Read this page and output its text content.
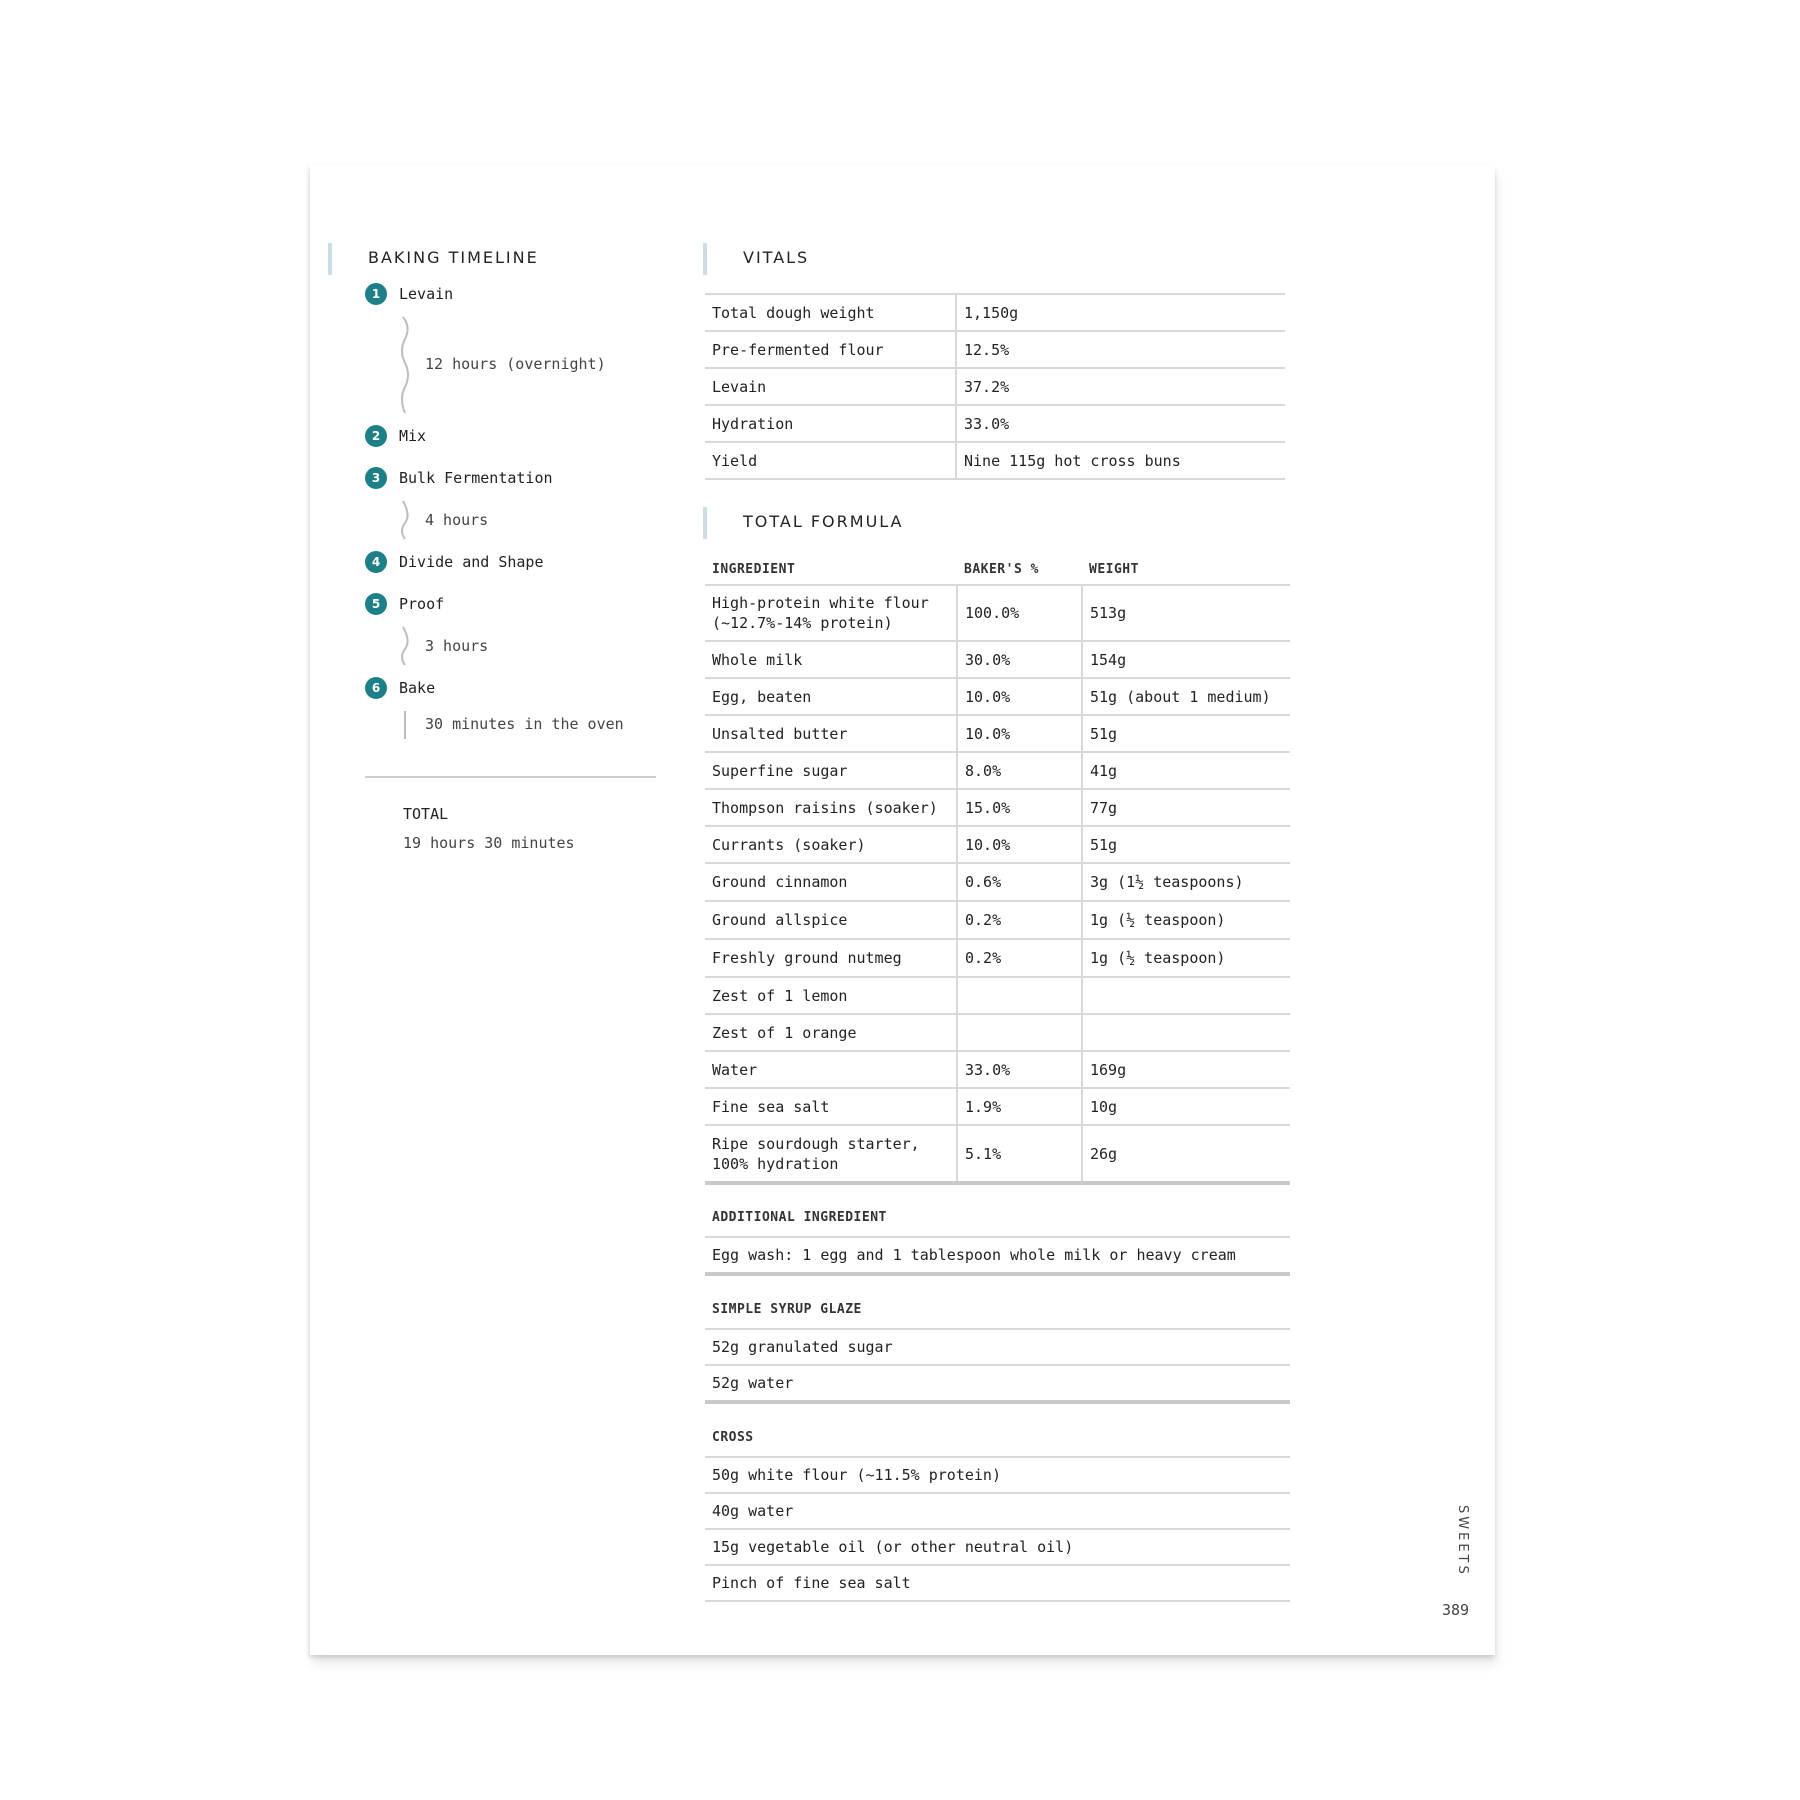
BAKING TIMELINE
1	Levain
12 hours (overnight)
2	Mix
3	Bulk Fermentation
4 hours
4	Divide and Shape
5	Proof
3 hours
6	Bake
30 minutes in the oven
TOTAL
19 hours 30 minutes
VITALS
Total dough weight	1,150g
Pre-fermented flour	12.5%
Levain	37.2%
Hydration	33.0%
Yield	Nine 115g hot cross buns
TOTAL FORMULA
INGREDIENT	BAKER'S %	WEIGHT
High-protein white flour (~12.7%-14% protein)	100.0%	513g
Whole milk	30.0%	154g
Egg, beaten	10.0%	51g (about 1 medium)
Unsalted butter	10.0%	51g
Superfine sugar	8.0%	41g
Thompson raisins (soaker)	15.0%	77g
Currants (soaker)	10.0%	51g
Ground cinnamon	0.6%	3g (1½ teaspoons)
Ground allspice	0.2%	1g (½ teaspoon)
Freshly ground nutmeg	0.2%	1g (½ teaspoon)
Zest of 1 lemon		
Zest of 1 orange		
Water	33.0%	169g
Fine sea salt	1.9%	10g
Ripe sourdough starter, 100% hydration	5.1%	26g
ADDITIONAL INGREDIENT
Egg wash: 1 egg and 1 tablespoon whole milk or heavy cream
SIMPLE SYRUP GLAZE
52g granulated sugar
52g water
CROSS
50g white flour (~11.5% protein)
40g water
15g vegetable oil (or other neutral oil)
Pinch of fine sea salt
SWEETS
389
